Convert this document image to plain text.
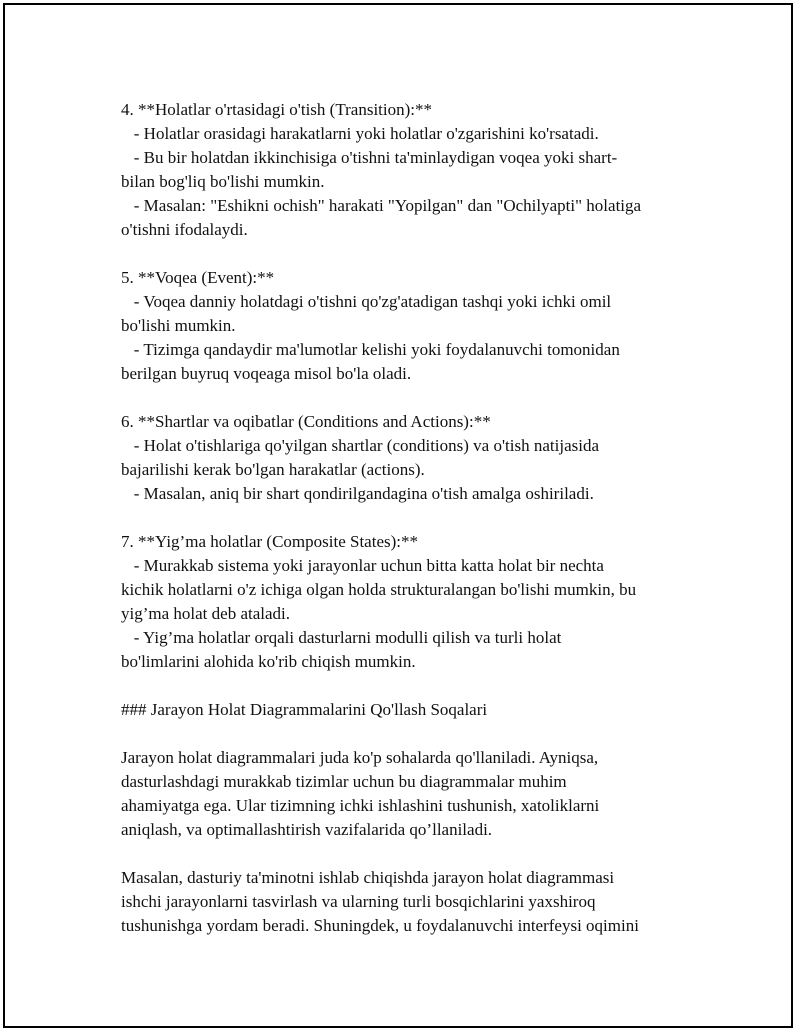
4. **Holatlar o'rtasidagi o'tish (Transition):**
- Holatlar orasidagi harakatlarni yoki holatlar o'zgarishini ko'rsatadi.
- Bu bir holatdan ikkinchisiga o'tishni ta'minlaydigan voqea yoki shart-
bilan bog'liq bo'lishi mumkin.
- Masalan: "Eshikni ochish" harakati "Yopilgan" dan "Ochilyapti" holatiga
o'tishni ifodalaydi.
5. **Voqea (Event):**
- Voqea danniy holatdagi o'tishni qo'zg'atadigan tashqi yoki ichki omil
bo'lishi mumkin.
- Tizimga qandaydir ma'lumotlar kelishi yoki foydalanuvchi tomonidan
berilgan buyruq voqeaga misol bo'la oladi.
6. **Shartlar va oqibatlar (Conditions and Actions):**
- Holat o'tishlariga qo'yilgan shartlar (conditions) va o'tish natijasida
bajarilishi kerak bo'lgan harakatlar (actions).
- Masalan, aniq bir shart qondirilgandagina o'tish amalga oshiriladi.
7. **Yig’ma holatlar (Composite States):**
- Murakkab sistema yoki jarayonlar uchun bitta katta holat bir nechta
kichik holatlarni o'z ichiga olgan holda strukturalangan bo'lishi mumkin, bu
yig’ma holat deb ataladi.
- Yig’ma holatlar orqali dasturlarni modulli qilish va turli holat
bo'limlarini alohida ko'rib chiqish mumkin.
### Jarayon Holat Diagrammalarini Qo'llash Soqalari

Jarayon holat diagrammalari juda ko'p sohalarda qo'llaniladi. Ayniqsa,

dasturlashdagi murakkab tizimlar uchun bu diagrammalar muhim

ahamiyatga ega. Ular tizimning ichki ishlashini tushunish, xatoliklarni

aniqlash, va optimallashtirish vazifalarida qo’llaniladi.

Masalan, dasturiy ta'minotni ishlab chiqishda jarayon holat diagrammasi

ishchi jarayonlarni tasvirlash va ularning turli bosqichlarini yaxshiroq

tushunishga yordam beradi. Shuningdek, u foydalanuvchi interfeysi oqimini
